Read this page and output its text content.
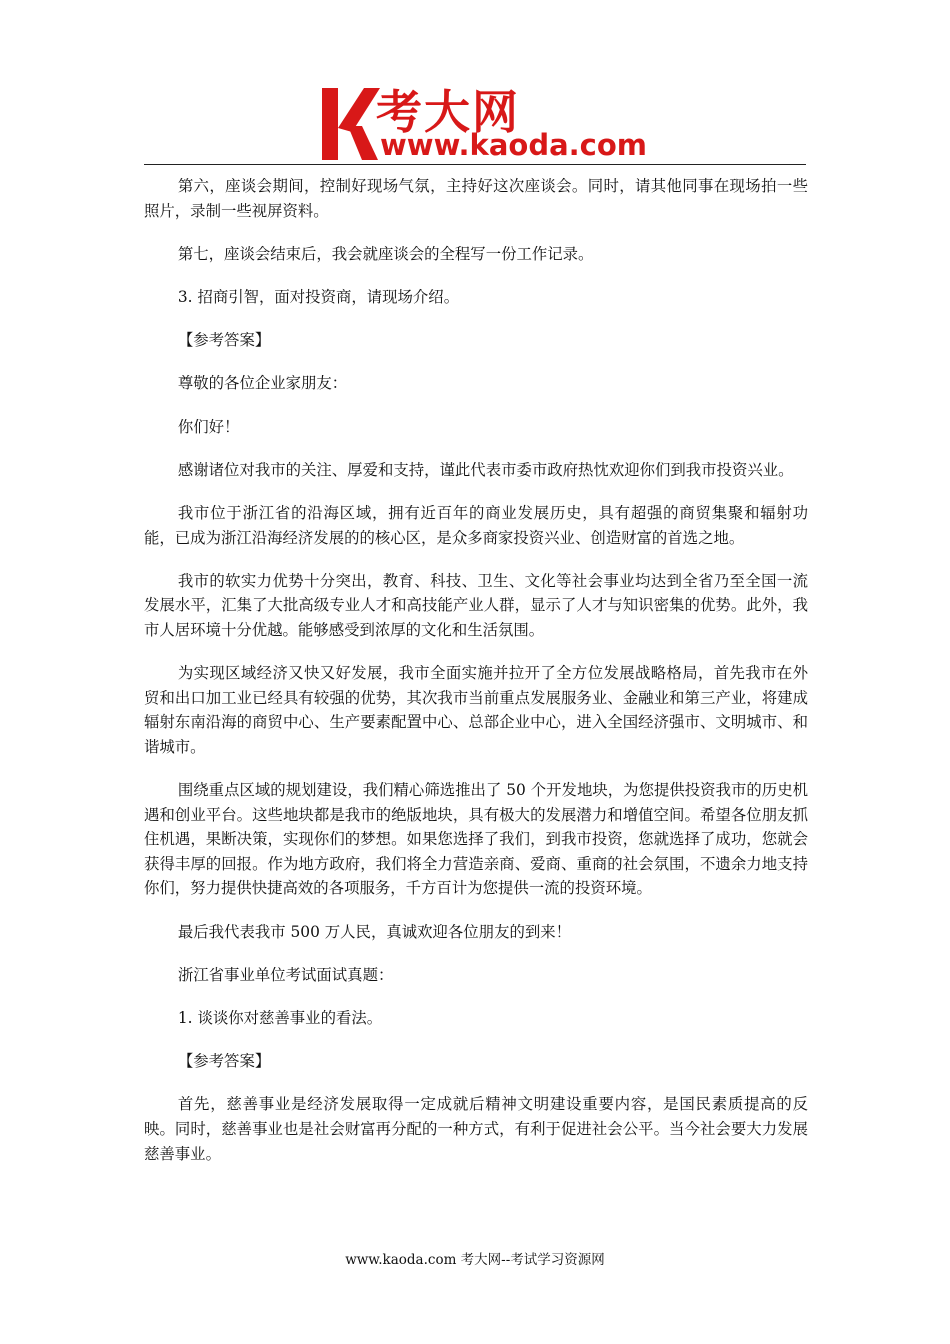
考大网
www.kaoda.com

第六，座谈会期间，控制好现场气氛，主持好这次座谈会。同时，请其他同事在现场拍一些照片，录制一些视屏资料。

第七，座谈会结束后，我会就座谈会的全程写一份工作记录。

3. 招商引智，面对投资商，请现场介绍。

【参考答案】

尊敬的各位企业家朋友：

你们好！

感谢诸位对我市的关注、厚爱和支持，谨此代表市委市政府热忱欢迎你们到我市投资兴业。

我市位于浙江省的沿海区域，拥有近百年的商业发展历史，具有超强的商贸集聚和辐射功能，已成为浙江沿海经济发展的的核心区，是众多商家投资兴业、创造财富的首选之地。

我市的软实力优势十分突出，教育、科技、卫生、文化等社会事业均达到全省乃至全国一流发展水平，汇集了大批高级专业人才和高技能产业人群，显示了人才与知识密集的优势。此外，我市人居环境十分优越。能够感受到浓厚的文化和生活氛围。

为实现区域经济又快又好发展，我市全面实施并拉开了全方位发展战略格局，首先我市在外贸和出口加工业已经具有较强的优势，其次我市当前重点发展服务业、金融业和第三产业，将建成辐射东南沿海的商贸中心、生产要素配置中心、总部企业中心，进入全国经济强市、文明城市、和谐城市。

围绕重点区域的规划建设，我们精心筛选推出了 50 个开发地块，为您提供投资我市的历史机遇和创业平台。这些地块都是我市的绝版地块，具有极大的发展潜力和增值空间。希望各位朋友抓住机遇，果断决策，实现你们的梦想。如果您选择了我们，到我市投资，您就选择了成功，您就会获得丰厚的回报。作为地方政府，我们将全力营造亲商、爱商、重商的社会氛围，不遗余力地支持你们，努力提供快捷高效的各项服务，千方百计为您提供一流的投资环境。

最后我代表我市 500 万人民，真诚欢迎各位朋友的到来！

浙江省事业单位考试面试真题：

1. 谈谈你对慈善事业的看法。

【参考答案】

首先，慈善事业是经济发展取得一定成就后精神文明建设重要内容，是国民素质提高的反映。同时，慈善事业也是社会财富再分配的一种方式，有利于促进社会公平。当今社会要大力发展慈善事业。

www.kaoda.com 考大网--考试学习资源网
